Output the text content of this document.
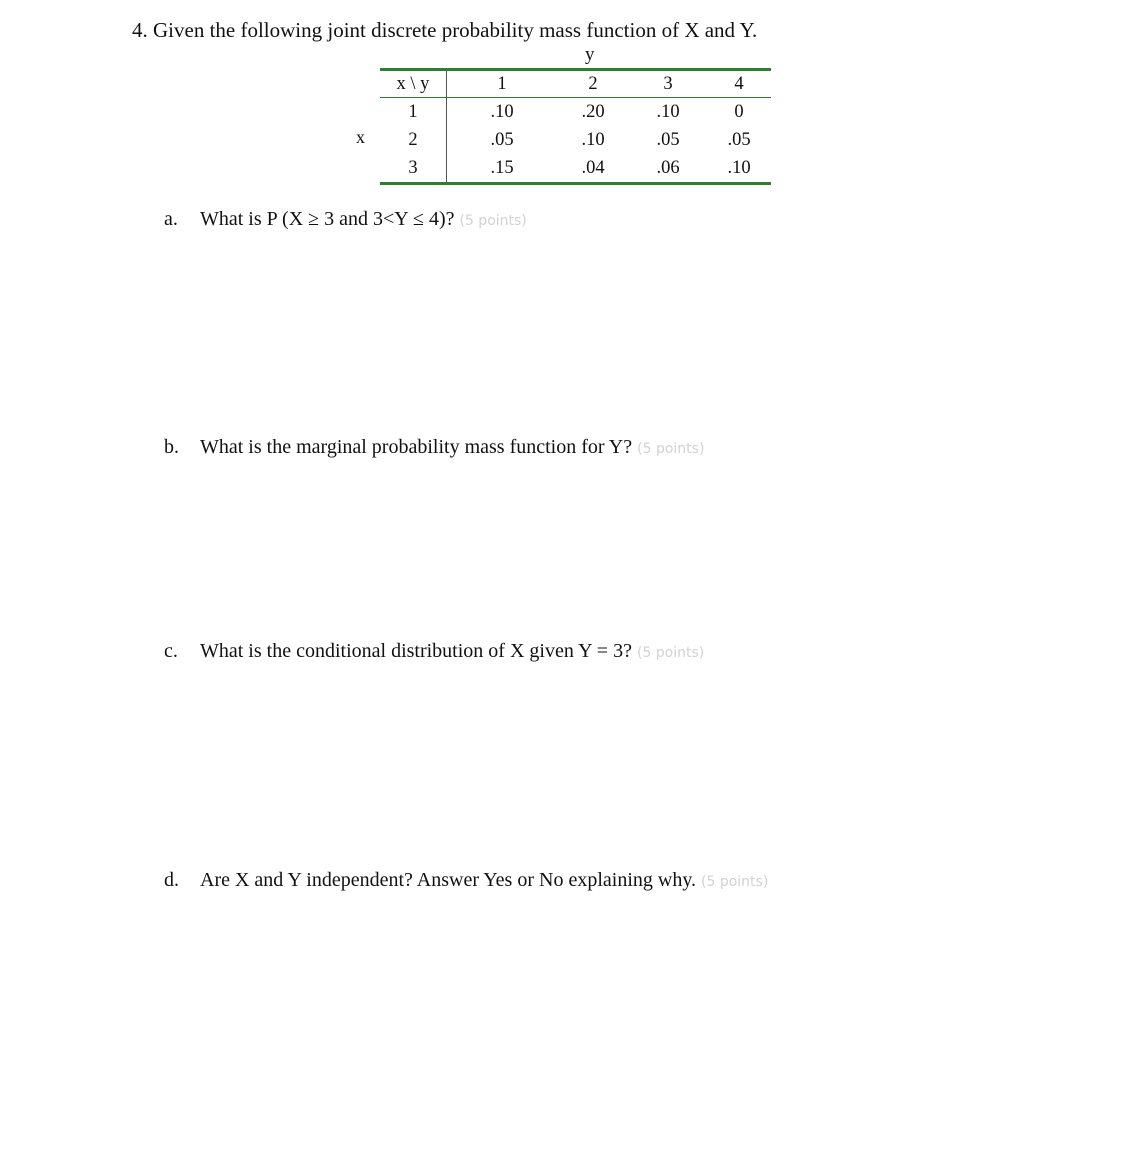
4. Given the following joint discrete probability mass function of X and Y.
y
x
x \ y	1	2	3	4
1	.10	.20	.10	0
2	.05	.10	.05	.05
3	.15	.04	.06	.10
a. What is P (X ≥ 3 and 3<Y ≤ 4)? (5 points)
b. What is the marginal probability mass function for Y? (5 points)
c. What is the conditional distribution of X given Y = 3? (5 points)
d. Are X and Y independent? Answer Yes or No explaining why. (5 points)
